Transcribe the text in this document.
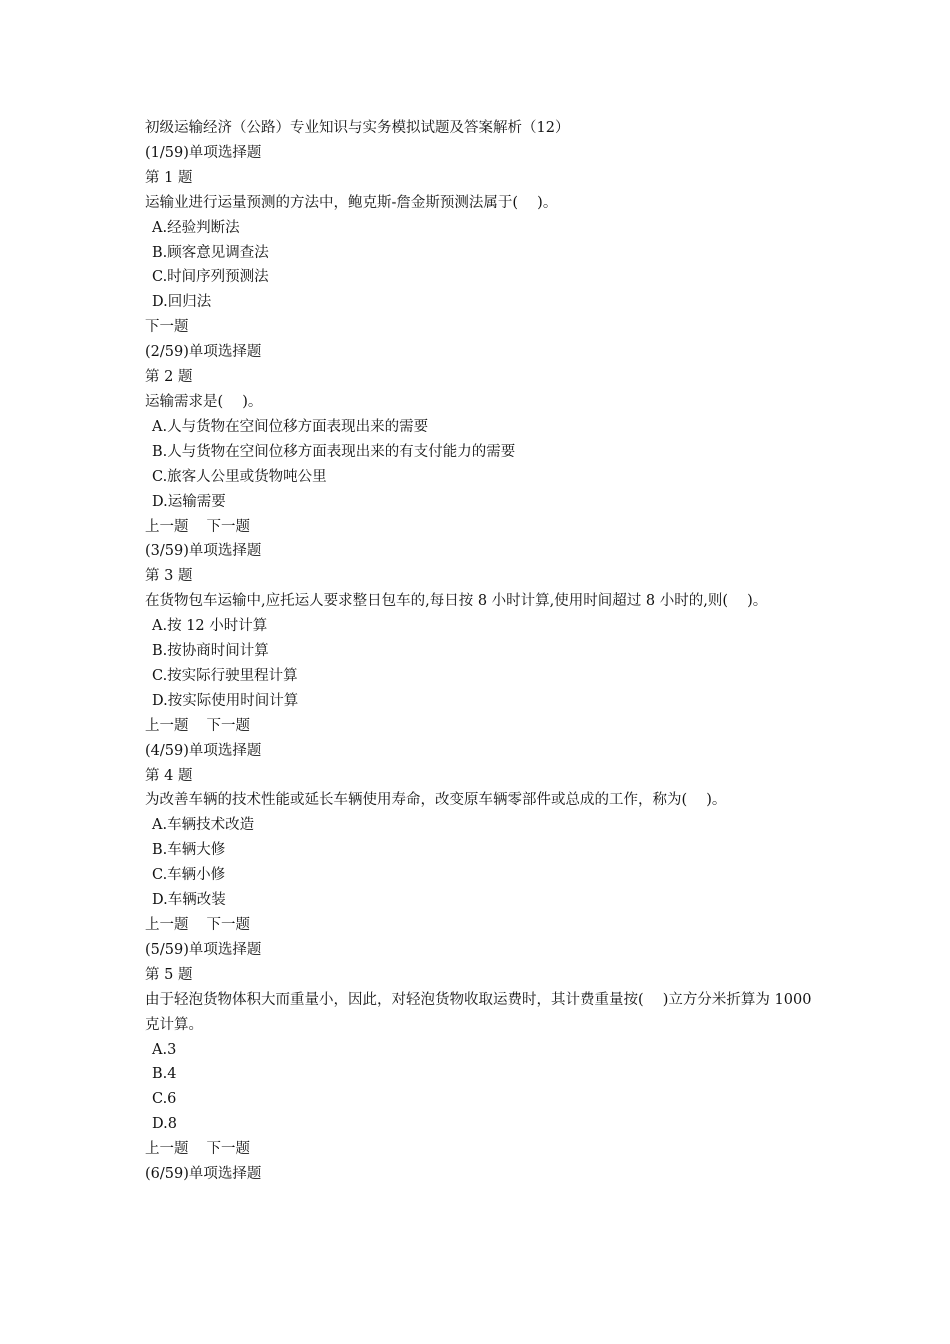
初级运输经济（公路）专业知识与实务模拟试题及答案解析（12）
(1/59)单项选择题
第 1 题
运输业进行运量预测的方法中，鲍克斯-詹金斯预测法属于(　 )。
A.经验判断法
B.顾客意见调查法
C.时间序列预测法
D.回归法
下一题
(2/59)单项选择题
第 2 题
运输需求是(　 )。
A.人与货物在空间位移方面表现出来的需要
B.人与货物在空间位移方面表现出来的有支付能力的需要
C.旅客人公里或货物吨公里
D.运输需要
上一题 下一题
(3/59)单项选择题
第 3 题
在货物包车运输中,应托运人要求整日包车的,每日按 8 小时计算,使用时间超过 8 小时的,则(　 )。
A.按 12 小时计算
B.按协商时间计算
C.按实际行驶里程计算
D.按实际使用时间计算
上一题 下一题
(4/59)单项选择题
第 4 题
为改善车辆的技术性能或延长车辆使用寿命，改变原车辆零部件或总成的工作，称为(　 )。
A.车辆技术改造
B.车辆大修
C.车辆小修
D.车辆改装
上一题 下一题
(5/59)单项选择题
第 5 题
由于轻泡货物体积大而重量小，因此，对轻泡货物收取运费时，其计费重量按(　 )立方分米折算为 1000 克计算。
A.3
B.4
C.6
D.8
上一题 下一题
(6/59)单项选择题
